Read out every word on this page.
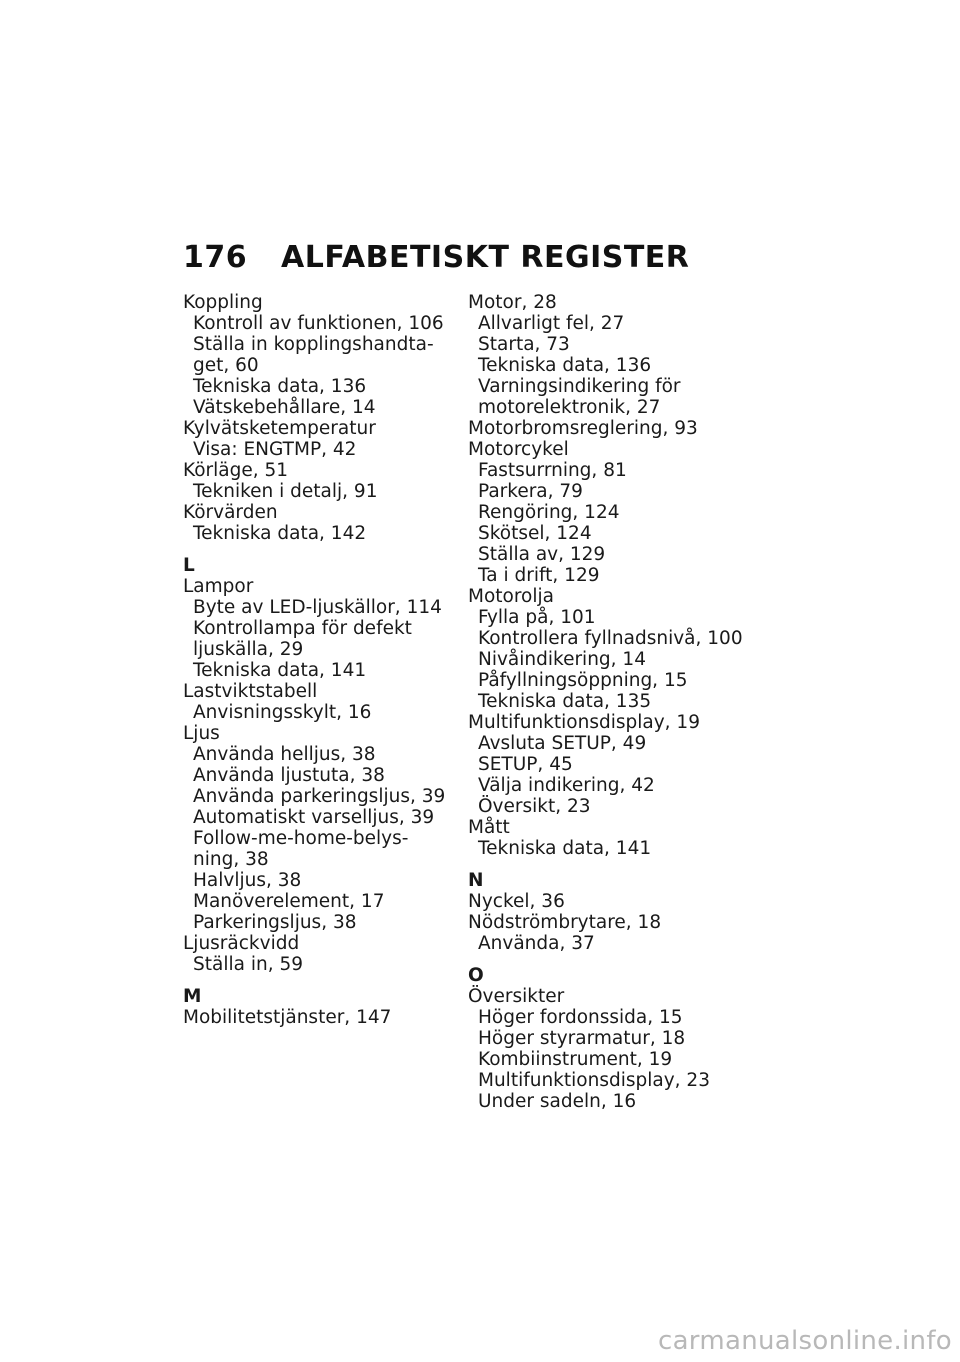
176 ALFABETISKT REGISTER
Koppling
Kontroll av funktionen, 106
Ställa in kopplingshandta-
get, 60
Tekniska data, 136
Vätskebehållare, 14
Kylvätsketemperatur
Visa: ENGTMP, 42
Körläge, 51
Tekniken i detalj, 91
Körvärden
Tekniska data, 142
L
Lampor
Byte av LED-ljuskällor, 114
Kontrollampa för defekt
ljuskälla, 29
Tekniska data, 141
Lastviktstabell
Anvisningsskylt, 16
Ljus
Använda helljus, 38
Använda ljustuta, 38
Använda parkeringsljus, 39
Automatiskt varselljus, 39
Follow-me-home-belys-
ning, 38
Halvljus, 38
Manöverelement, 17
Parkeringsljus, 38
Ljusräckvidd
Ställa in, 59
M
Mobilitetstjänster, 147
Motor, 28
Allvarligt fel, 27
Starta, 73
Tekniska data, 136
Varningsindikering för
motorelektronik, 27
Motorbromsreglering, 93
Motorcykel
Fastsurrning, 81
Parkera, 79
Rengöring, 124
Skötsel, 124
Ställa av, 129
Ta i drift, 129
Motorolja
Fylla på, 101
Kontrollera fyllnadsnivå, 100
Nivåindikering, 14
Påfyllningsöppning, 15
Tekniska data, 135
Multifunktionsdisplay, 19
Avsluta SETUP, 49
SETUP, 45
Välja indikering, 42
Översikt, 23
Mått
Tekniska data, 141
N
Nyckel, 36
Nödströmbrytare, 18
Använda, 37
O
Översikter
Höger fordonssida, 15
Höger styrarmatur, 18
Kombiinstrument, 19
Multifunktionsdisplay, 23
Under sadeln, 16
carmanualsonline.info
